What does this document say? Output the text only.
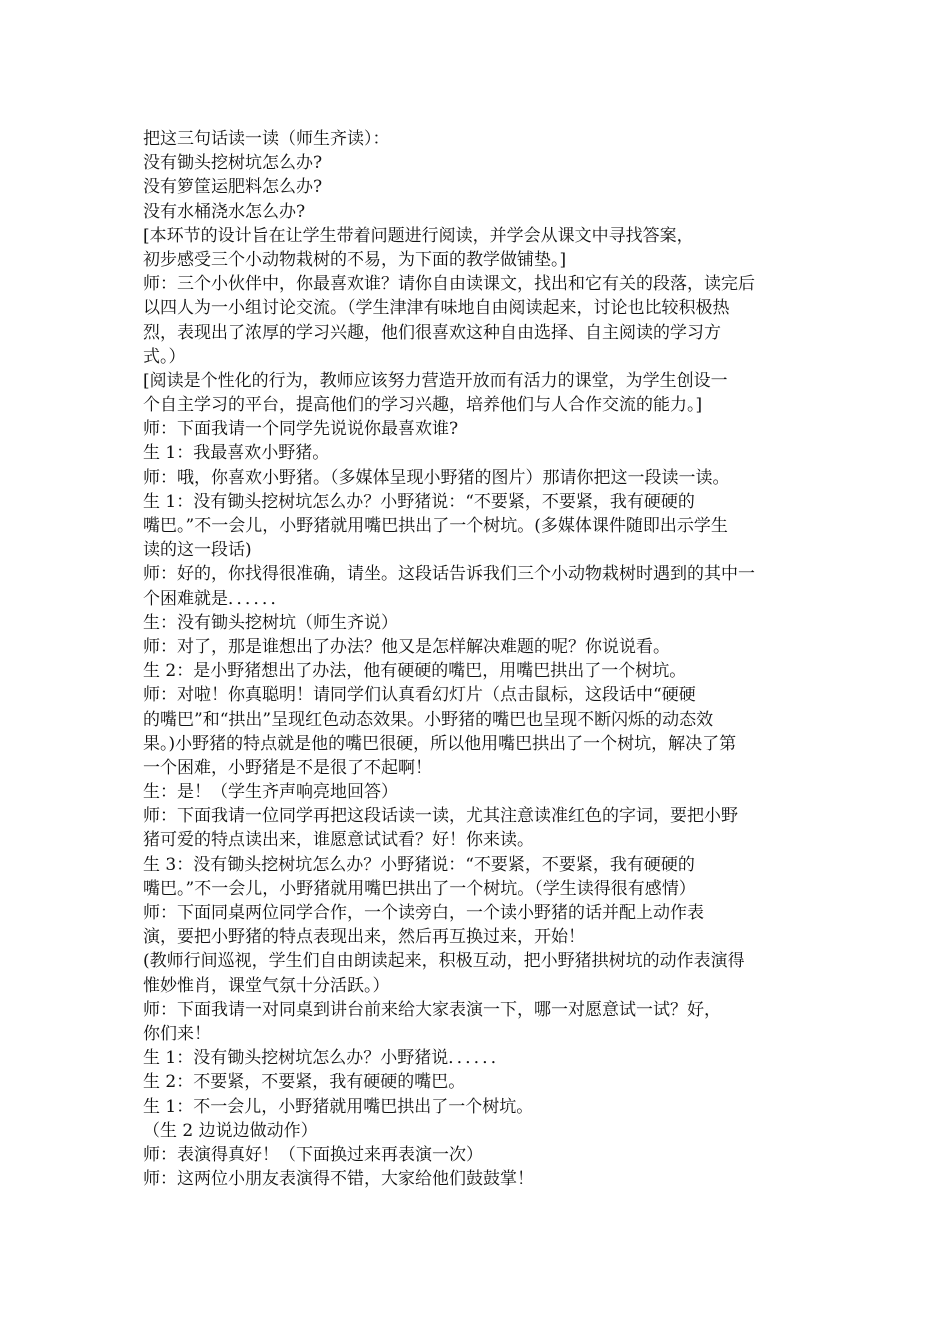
把这三句话读一读（师生齐读）：
没有锄头挖树坑怎么办?
没有箩筐运肥料怎么办?
没有水桶浇水怎么办?
[本环节的设计旨在让学生带着问题进行阅读，并学会从课文中寻找答案，
初步感受三个小动物栽树的不易，为下面的教学做铺垫。]
师：三个小伙伴中，你最喜欢谁？请你自由读课文，找出和它有关的段落，读完后
以四人为一小组讨论交流。（学生津津有味地自由阅读起来，讨论也比较积极热
烈，表现出了浓厚的学习兴趣，他们很喜欢这种自由选择、自主阅读的学习方
式。）
[阅读是个性化的行为，教师应该努力营造开放而有活力的课堂，为学生创设一
个自主学习的平台，提高他们的学习兴趣，培养他们与人合作交流的能力。]
师：下面我请一个同学先说说你最喜欢谁?
生 1：我最喜欢小野猪。
师：哦，你喜欢小野猪。（多媒体呈现小野猪的图片）那请你把这一段读一读。
生 1：没有锄头挖树坑怎么办？小野猪说：“不要紧，不要紧，我有硬硬的
嘴巴。”不一会儿，小野猪就用嘴巴拱出了一个树坑。(多媒体课件随即出示学生
读的这一段话)
师：好的，你找得很准确，请坐。这段话告诉我们三个小动物栽树时遇到的其中一
个困难就是．．．．．．
生：没有锄头挖树坑（师生齐说）
师：对了，那是谁想出了办法？他又是怎样解决难题的呢？你说说看。
生 2：是小野猪想出了办法，他有硬硬的嘴巴，用嘴巴拱出了一个树坑。
师：对啦！你真聪明！请同学们认真看幻灯片（点击鼠标，这段话中“硬硬
的嘴巴”和“拱出”呈现红色动态效果。小野猪的嘴巴也呈现不断闪烁的动态效
果。)小野猪的特点就是他的嘴巴很硬，所以他用嘴巴拱出了一个树坑，解决了第
一个困难，小野猪是不是很了不起啊！
生：是！（学生齐声响亮地回答）
师：下面我请一位同学再把这段话读一读，尤其注意读准红色的字词，要把小野
猪可爱的特点读出来，谁愿意试试看？好！你来读。
生 3：没有锄头挖树坑怎么办？小野猪说：“不要紧，不要紧，我有硬硬的
嘴巴。”不一会儿，小野猪就用嘴巴拱出了一个树坑。（学生读得很有感情）
师：下面同桌两位同学合作，一个读旁白，一个读小野猪的话并配上动作表
演，要把小野猪的特点表现出来，然后再互换过来，开始！
(教师行间巡视，学生们自由朗读起来，积极互动，把小野猪拱树坑的动作表演得
惟妙惟肖，课堂气氛十分活跃。）
师：下面我请一对同桌到讲台前来给大家表演一下，哪一对愿意试一试？好，
你们来！
生 1：没有锄头挖树坑怎么办？小野猪说．．．．．．
生 2：不要紧，不要紧，我有硬硬的嘴巴。
生 1：不一会儿，小野猪就用嘴巴拱出了一个树坑。
（生 2 边说边做动作）
师：表演得真好！（下面换过来再表演一次）
师：这两位小朋友表演得不错，大家给他们鼓鼓掌！
